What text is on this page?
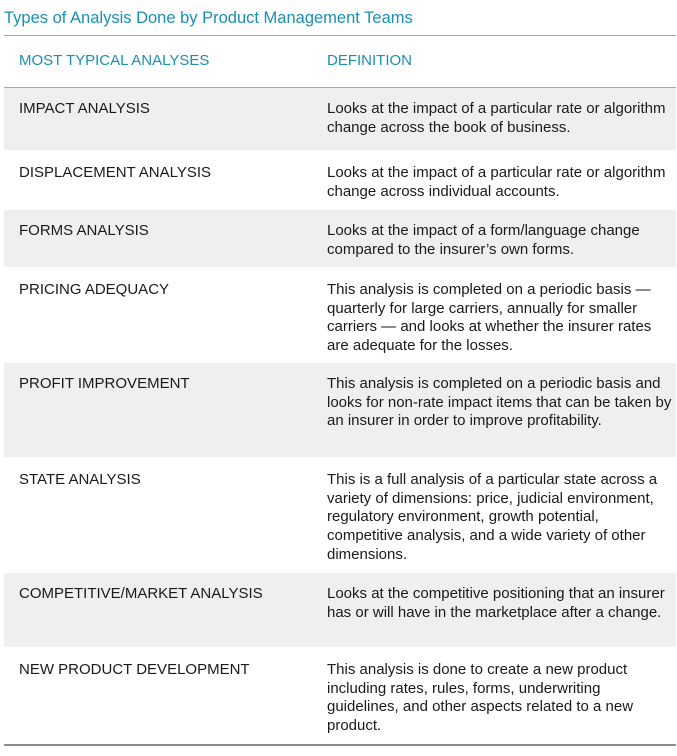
Types of Analysis Done by Product Management Teams
MOST TYPICAL ANALYSES	DEFINITION
IMPACT ANALYSIS	Looks at the impact of a particular rate or algorithm change across the book of business.
DISPLACEMENT ANALYSIS	Looks at the impact of a particular rate or algorithm change across individual accounts.
FORMS ANALYSIS	Looks at the impact of a form/language change compared to the insurer’s own forms.
PRICING ADEQUACY	This analysis is completed on a periodic basis — quarterly for large carriers, annually for smaller carriers — and looks at whether the insurer rates are adequate for the losses.
PROFIT IMPROVEMENT	This analysis is completed on a periodic basis and looks for non-rate impact items that can be taken by an insurer in order to improve profitability.
STATE ANALYSIS	This is a full analysis of a particular state across a variety of dimensions: price, judicial environment, regulatory environment, growth potential, competitive analysis, and a wide variety of other dimensions.
COMPETITIVE/MARKET ANALYSIS	Looks at the competitive positioning that an insurer has or will have in the marketplace after a change.
NEW PRODUCT DEVELOPMENT	This analysis is done to create a new product including rates, rules, forms, underwriting guidelines, and other aspects related to a new product.
